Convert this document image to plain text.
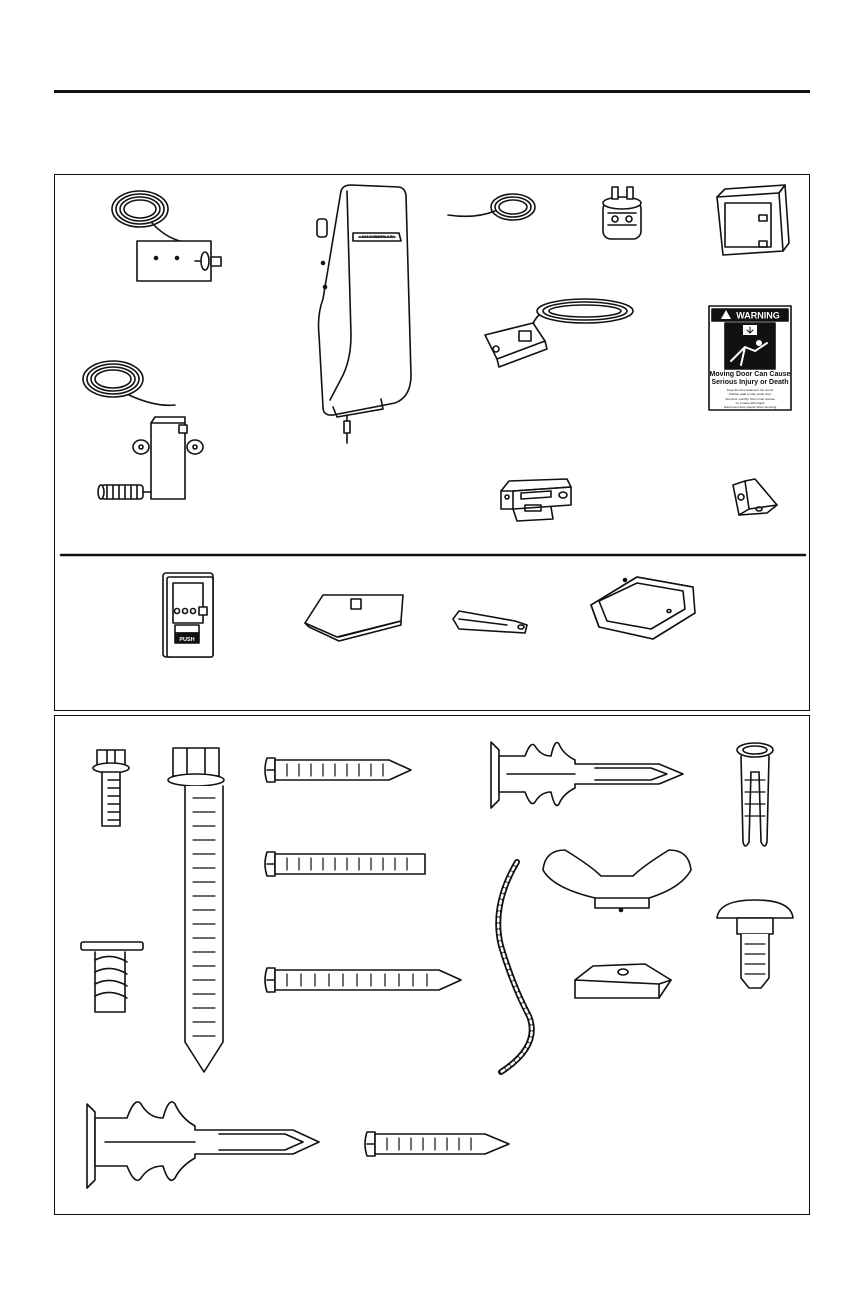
CHAMBERLAIN
WARNING
Moving Door Can Cause
Serious Injury or Death
Keep the door balanced. Do not let
children walk or play under door
Test door monthly. Door must reverse
on contact with object
Disconnect door opener when servicing
PUSH
